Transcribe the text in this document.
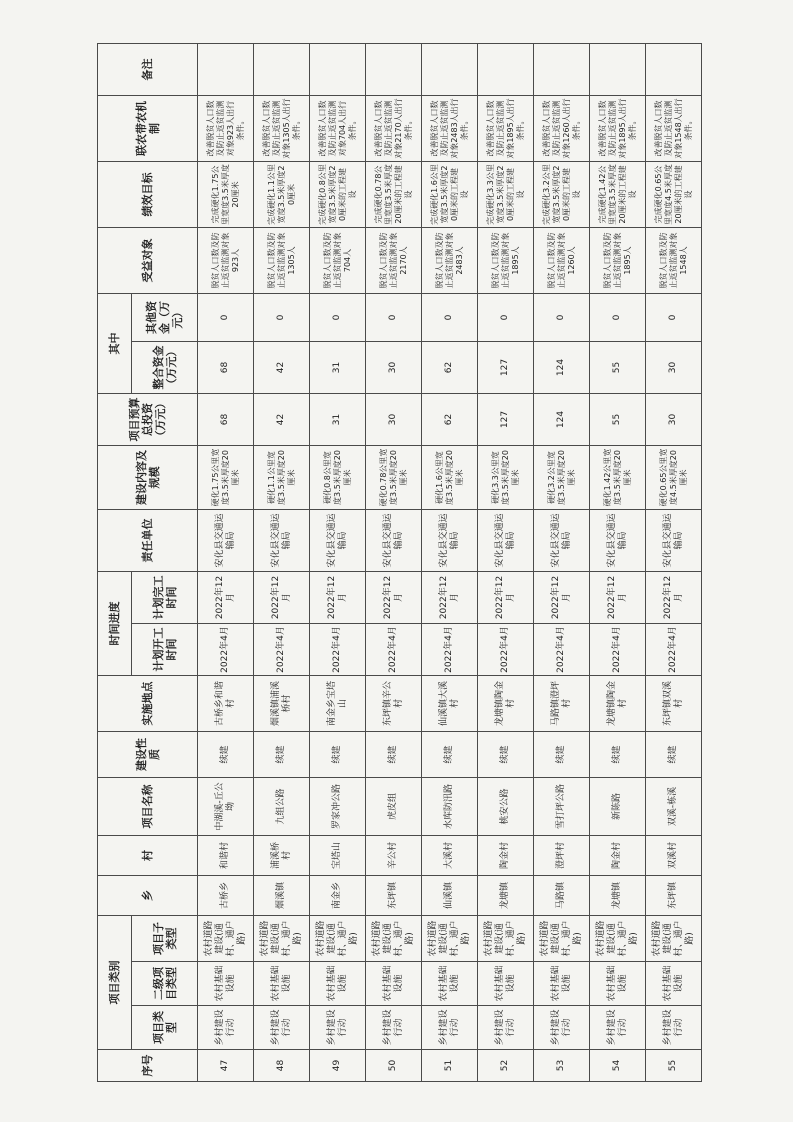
序号	项目类别			乡	村	项目名称	建设性质	实施地点	时间进度		责任单位	建设内容及规模	项目预算总投资（万元）	其中		受益对象	绩效目标	联农带农机制	备注
	项目类型	二级项目类型	项目子类型						计划开工时间	计划完工时间				整合资金（万元）	其他资金（万元）				

47	乡村建设行动	农村基础设施	农村道路建设(通村、通户路)	古桥乡	和谐村	中湖溪-丘公坳	续建	古桥乡和谐村	2022年4月	2022年12月	安化县交通运输局	硬化1.75公里宽度3.5米厚度20厘米	68	68	0	脱贫人口数及防止返贫监测对象923人	完成硬化1.75公里宽度3.5米厚度20厘米	改善脱贫人口数及防止返贫监测对象923人出行条件。	
48	乡村建设行动	农村基础设施	农村道路建设(通村、通户路)	烟溪镇	浦溪桥村	九组公路	续建	烟溪镇浦溪桥村	2022年4月	2022年12月	安化县交通运输局	硬化1.1公里宽度3.5米厚度20厘米	42	42	0	脱贫人口数及防止返贫监测对象1305人	完成硬化1.1公里宽度3.5米厚度20厘米	改善脱贫人口数及防止返贫监测对象1305人出行条件。	
49	乡村建设行动	农村基础设施	农村道路建设(通村、通户路)	南金乡	宝塔山	罗家冲公路	续建	南金乡宝塔山	2022年4月	2022年12月	安化县交通运输局	硬化0.8公里宽度3.5米厚度20厘米	31	31	0	脱贫人口数及防止返贫监测对象704人	完成硬化0.8公里宽度3.5米厚度20厘米的工程建设	改善脱贫人口数及防止返贫监测对象704人出行条件。	
50	乡村建设行动	农村基础设施	农村道路建设(通村、通户路)	东坪镇	辛公村	虎皮组	续建	东坪镇辛公村	2022年4月	2022年12月	安化县交通运输局	硬化0.78公里宽度3.5米厚度20厘米	30	30	0	脱贫人口数及防止返贫监测对象2170人	完成硬化0.78公里宽度3.5米厚度20厘米的工程建设	改善脱贫人口数及防止返贫监测对象2170人出行条件。	
51	乡村建设行动	农村基础设施	农村道路建设(通村、通户路)	仙溪镇	大溪村	水库防汛路	续建	仙溪镇大溪村	2022年4月	2022年12月	安化县交通运输局	硬化1.6公里宽度3.5米厚度20厘米	62	62	0	脱贫人口数及防止返贫监测对象2483人	完成硬化1.6公里宽度3.5米厚度20厘米的工程建设	改善脱贫人口数及防止返贫监测对象2483人出行条件。	
52	乡村建设行动	农村基础设施	农村道路建设(通村、通户路)	龙塘镇	陶金村	桃安公路	续建	龙塘镇陶金村	2022年4月	2022年12月	安化县交通运输局	硬化3.3公里宽度3.5米厚度20厘米	127	127	0	脱贫人口数及防止返贫监测对象1895人	完成硬化3.3公里宽度3.5米厚度20厘米的工程建设	改善脱贫人口数及防止返贫监测对象1895人出行条件。	
53	乡村建设行动	农村基础设施	农村道路建设(通村、通户路)	马路镇	澄坪村	雪打坪公路	续建	马路镇澄坪村	2022年4月	2022年12月	安化县交通运输局	硬化3.2公里宽度3.5米厚度20厘米	124	124	0	脱贫人口数及防止返贫监测对象1260人	完成硬化3.2公里宽度3.5米厚度20厘米的工程建设	改善脱贫人口数及防止返贫监测对象1260人出行条件。	
54	乡村建设行动	农村基础设施	农村道路建设(通村、通户路)	龙塘镇	陶金村	新陈路	续建	龙塘镇陶金村	2022年4月	2022年12月	安化县交通运输局	硬化1.42公里宽度3.5米厚度20厘米	55	55	0	脱贫人口数及防止返贫监测对象1895人	完成硬化1.42公里宽度3.5米厚度20厘米的工程建设	改善脱贫人口数及防止返贫监测对象1895人出行条件。	
55	乡村建设行动	农村基础设施	农村道路建设(通村、通户路)	东坪镇	双溪村	双溪-栋溪	续建	东坪镇双溪村	2022年4月	2022年12月	安化县交通运输局	硬化0.65公里宽度4.5米厚度20厘米	30	30	0	脱贫人口数及防止返贫监测对象1548人	完成硬化0.65公里宽度4.5米厚度20厘米的工程建设	改善脱贫人口数及防止返贫监测对象1548人出行条件。	
